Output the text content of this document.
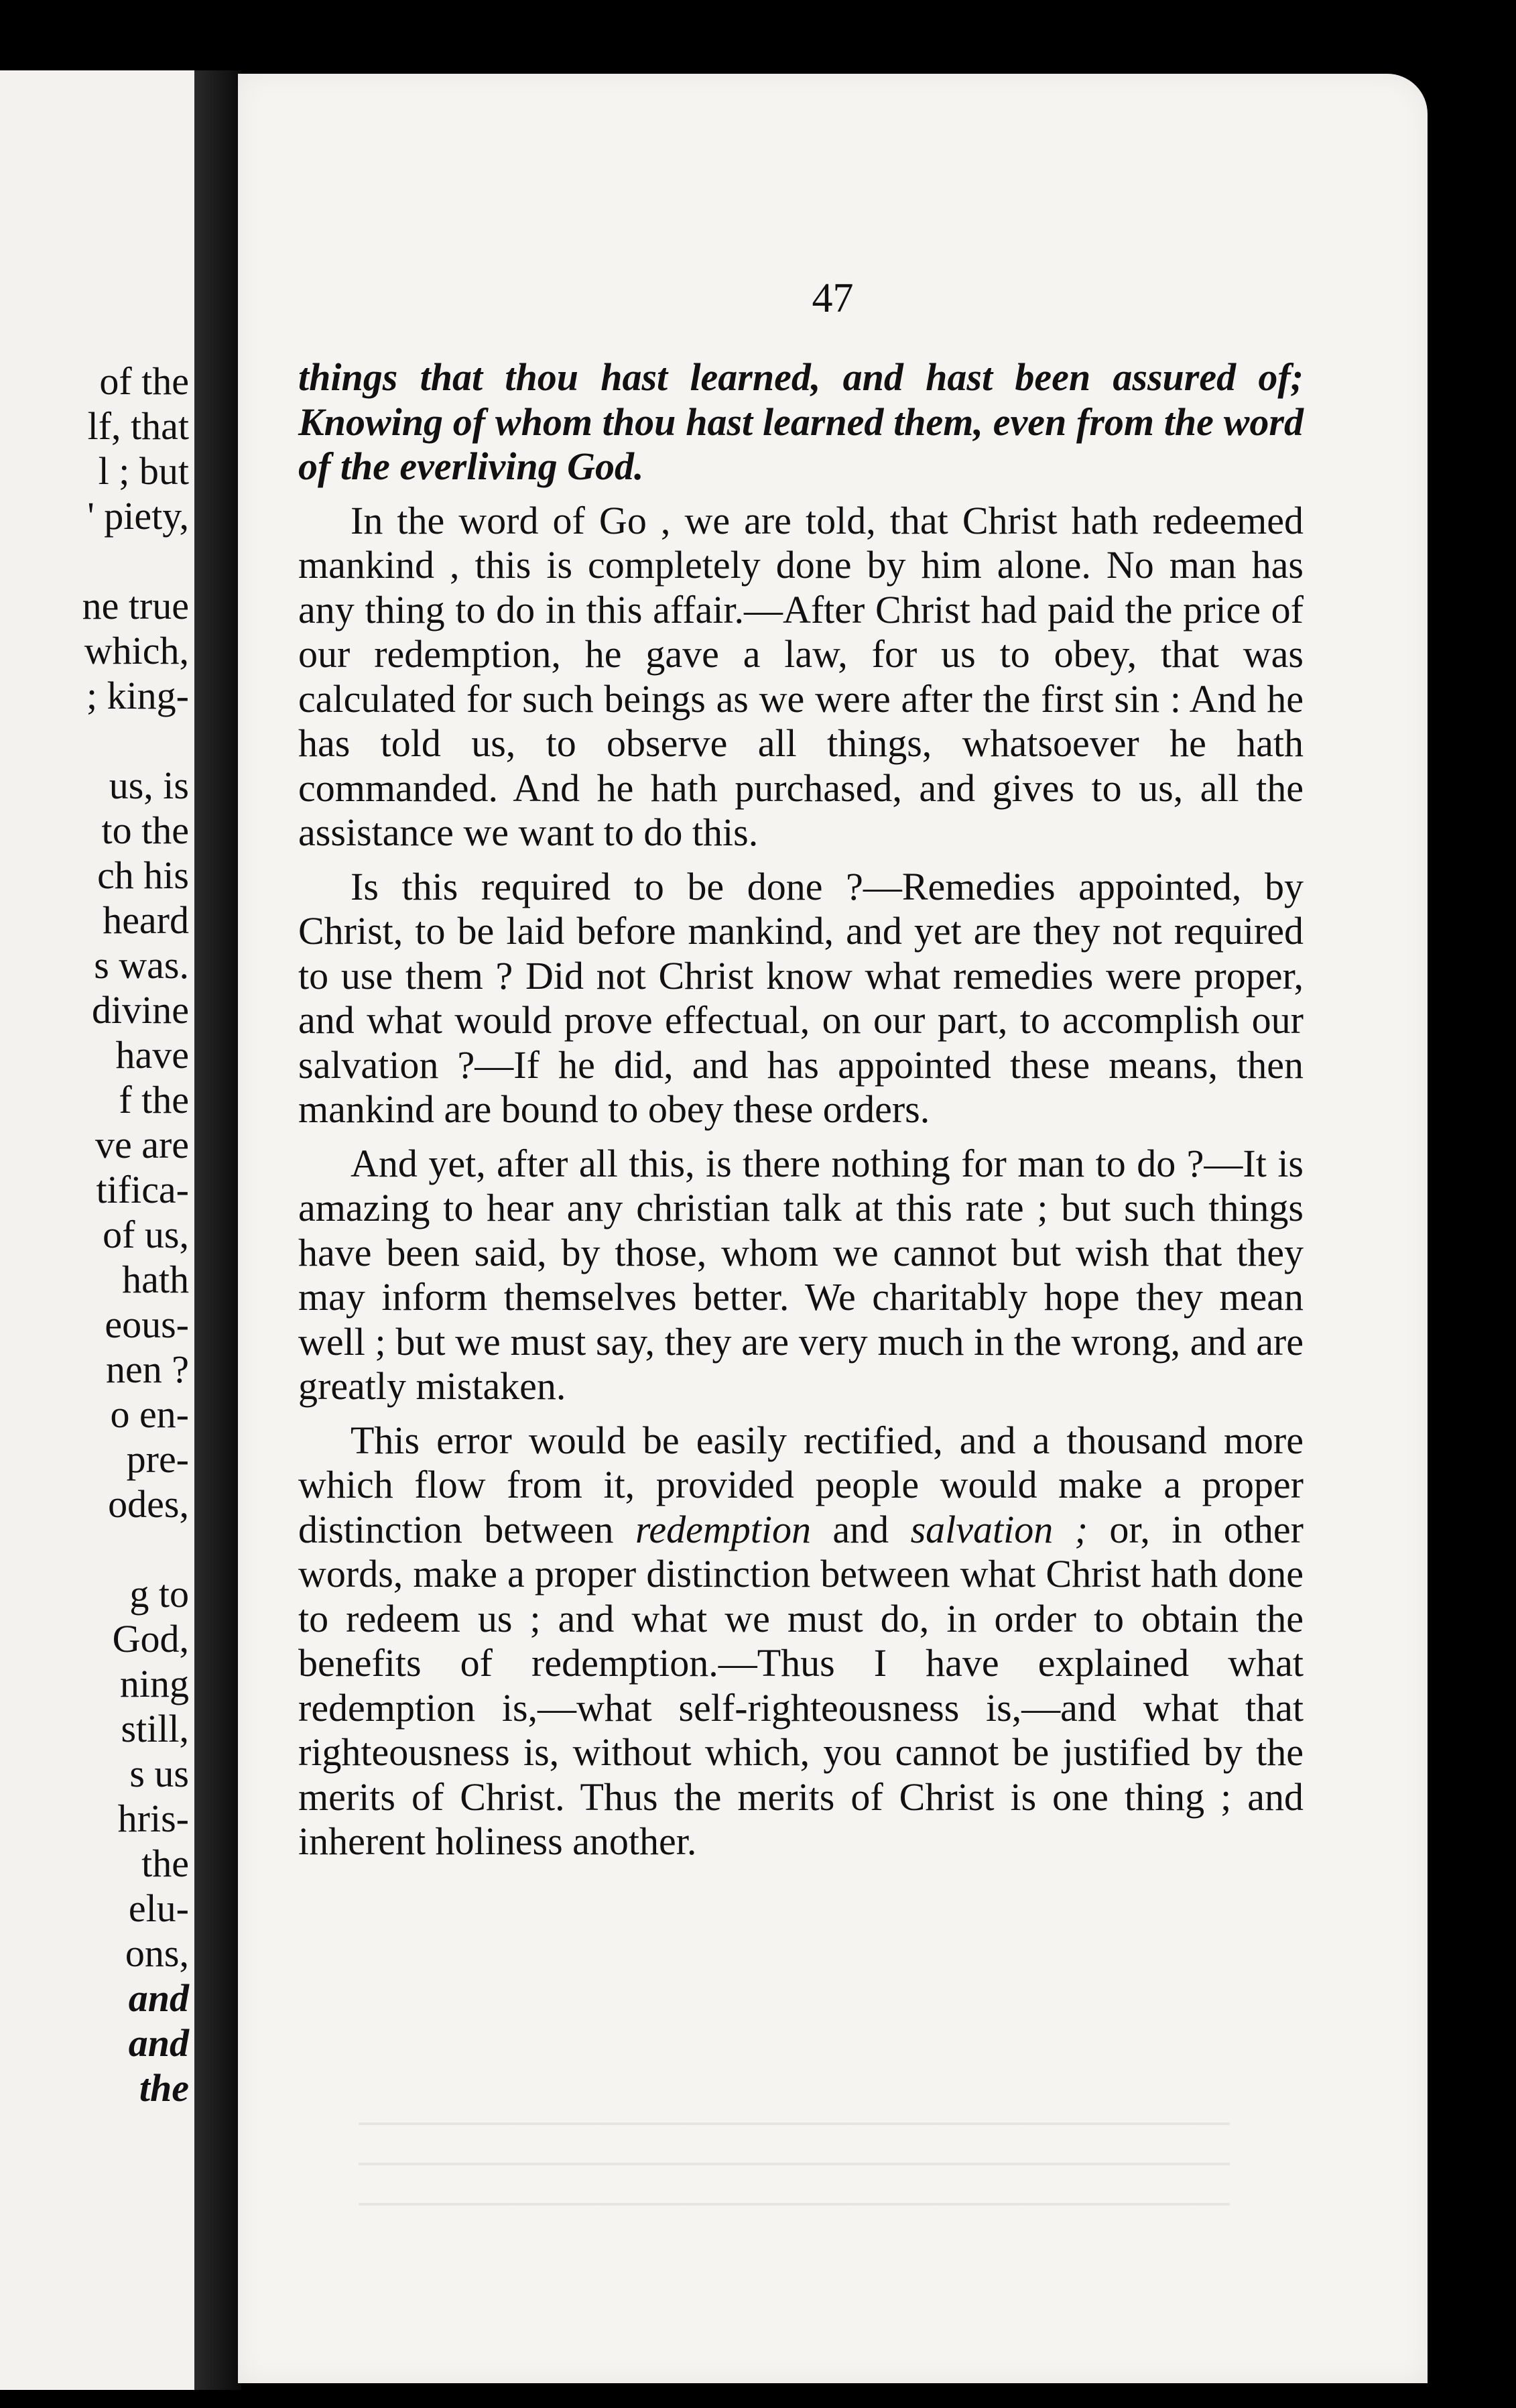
of the
lf, that
l ; but
' piety,
ne true
which,
; king-
us, is
to the
ch his
heard
s was.
divine
have
f the
ve are
tifica-
of us,
hath
eous-
nen ?
o en-
pre-
odes,
g to
God,
ning
still,
s us
hris-
the
elu-
ons,
and
and
the
47

things that thou hast learned, and hast been assured of; Knowing of whom thou hast learned them, even from the word of the everliving God.

In the word of Go , we are told, that Christ hath redeemed mankind , this is completely done by him alone. No man has any thing to do in this affair.—After Christ had paid the price of our redemption, he gave a law, for us to obey, that was calculated for such beings as we were after the first sin : And he has told us, to observe all things, whatsoever he hath commanded. And he hath purchased, and gives to us, all the assistance we want to do this.

Is this required to be done ?—Remedies appointed, by Christ, to be laid before mankind, and yet are they not required to use them ? Did not Christ know what remedies were proper, and what would prove effectual, on our part, to accomplish our salvation ?—If he did, and has appointed these means, then mankind are bound to obey these orders.

And yet, after all this, is there nothing for man to do ?—It is amazing to hear any christian talk at this rate ; but such things have been said, by those, whom we cannot but wish that they may inform themselves better. We charitably hope they mean well ; but we must say, they are very much in the wrong, and are greatly mistaken.

This error would be easily rectified, and a thousand more which flow from it, provided people would make a proper distinction between redemption and salvation ; or, in other words, make a proper distinction between what Christ hath done to redeem us ; and what we must do, in order to obtain the benefits of redemption.—Thus I have explained what redemption is,—what self-righteousness is,—and what that righteousness is, without which, you cannot be justified by the merits of Christ. Thus the merits of Christ is one thing ; and inherent holiness another.
